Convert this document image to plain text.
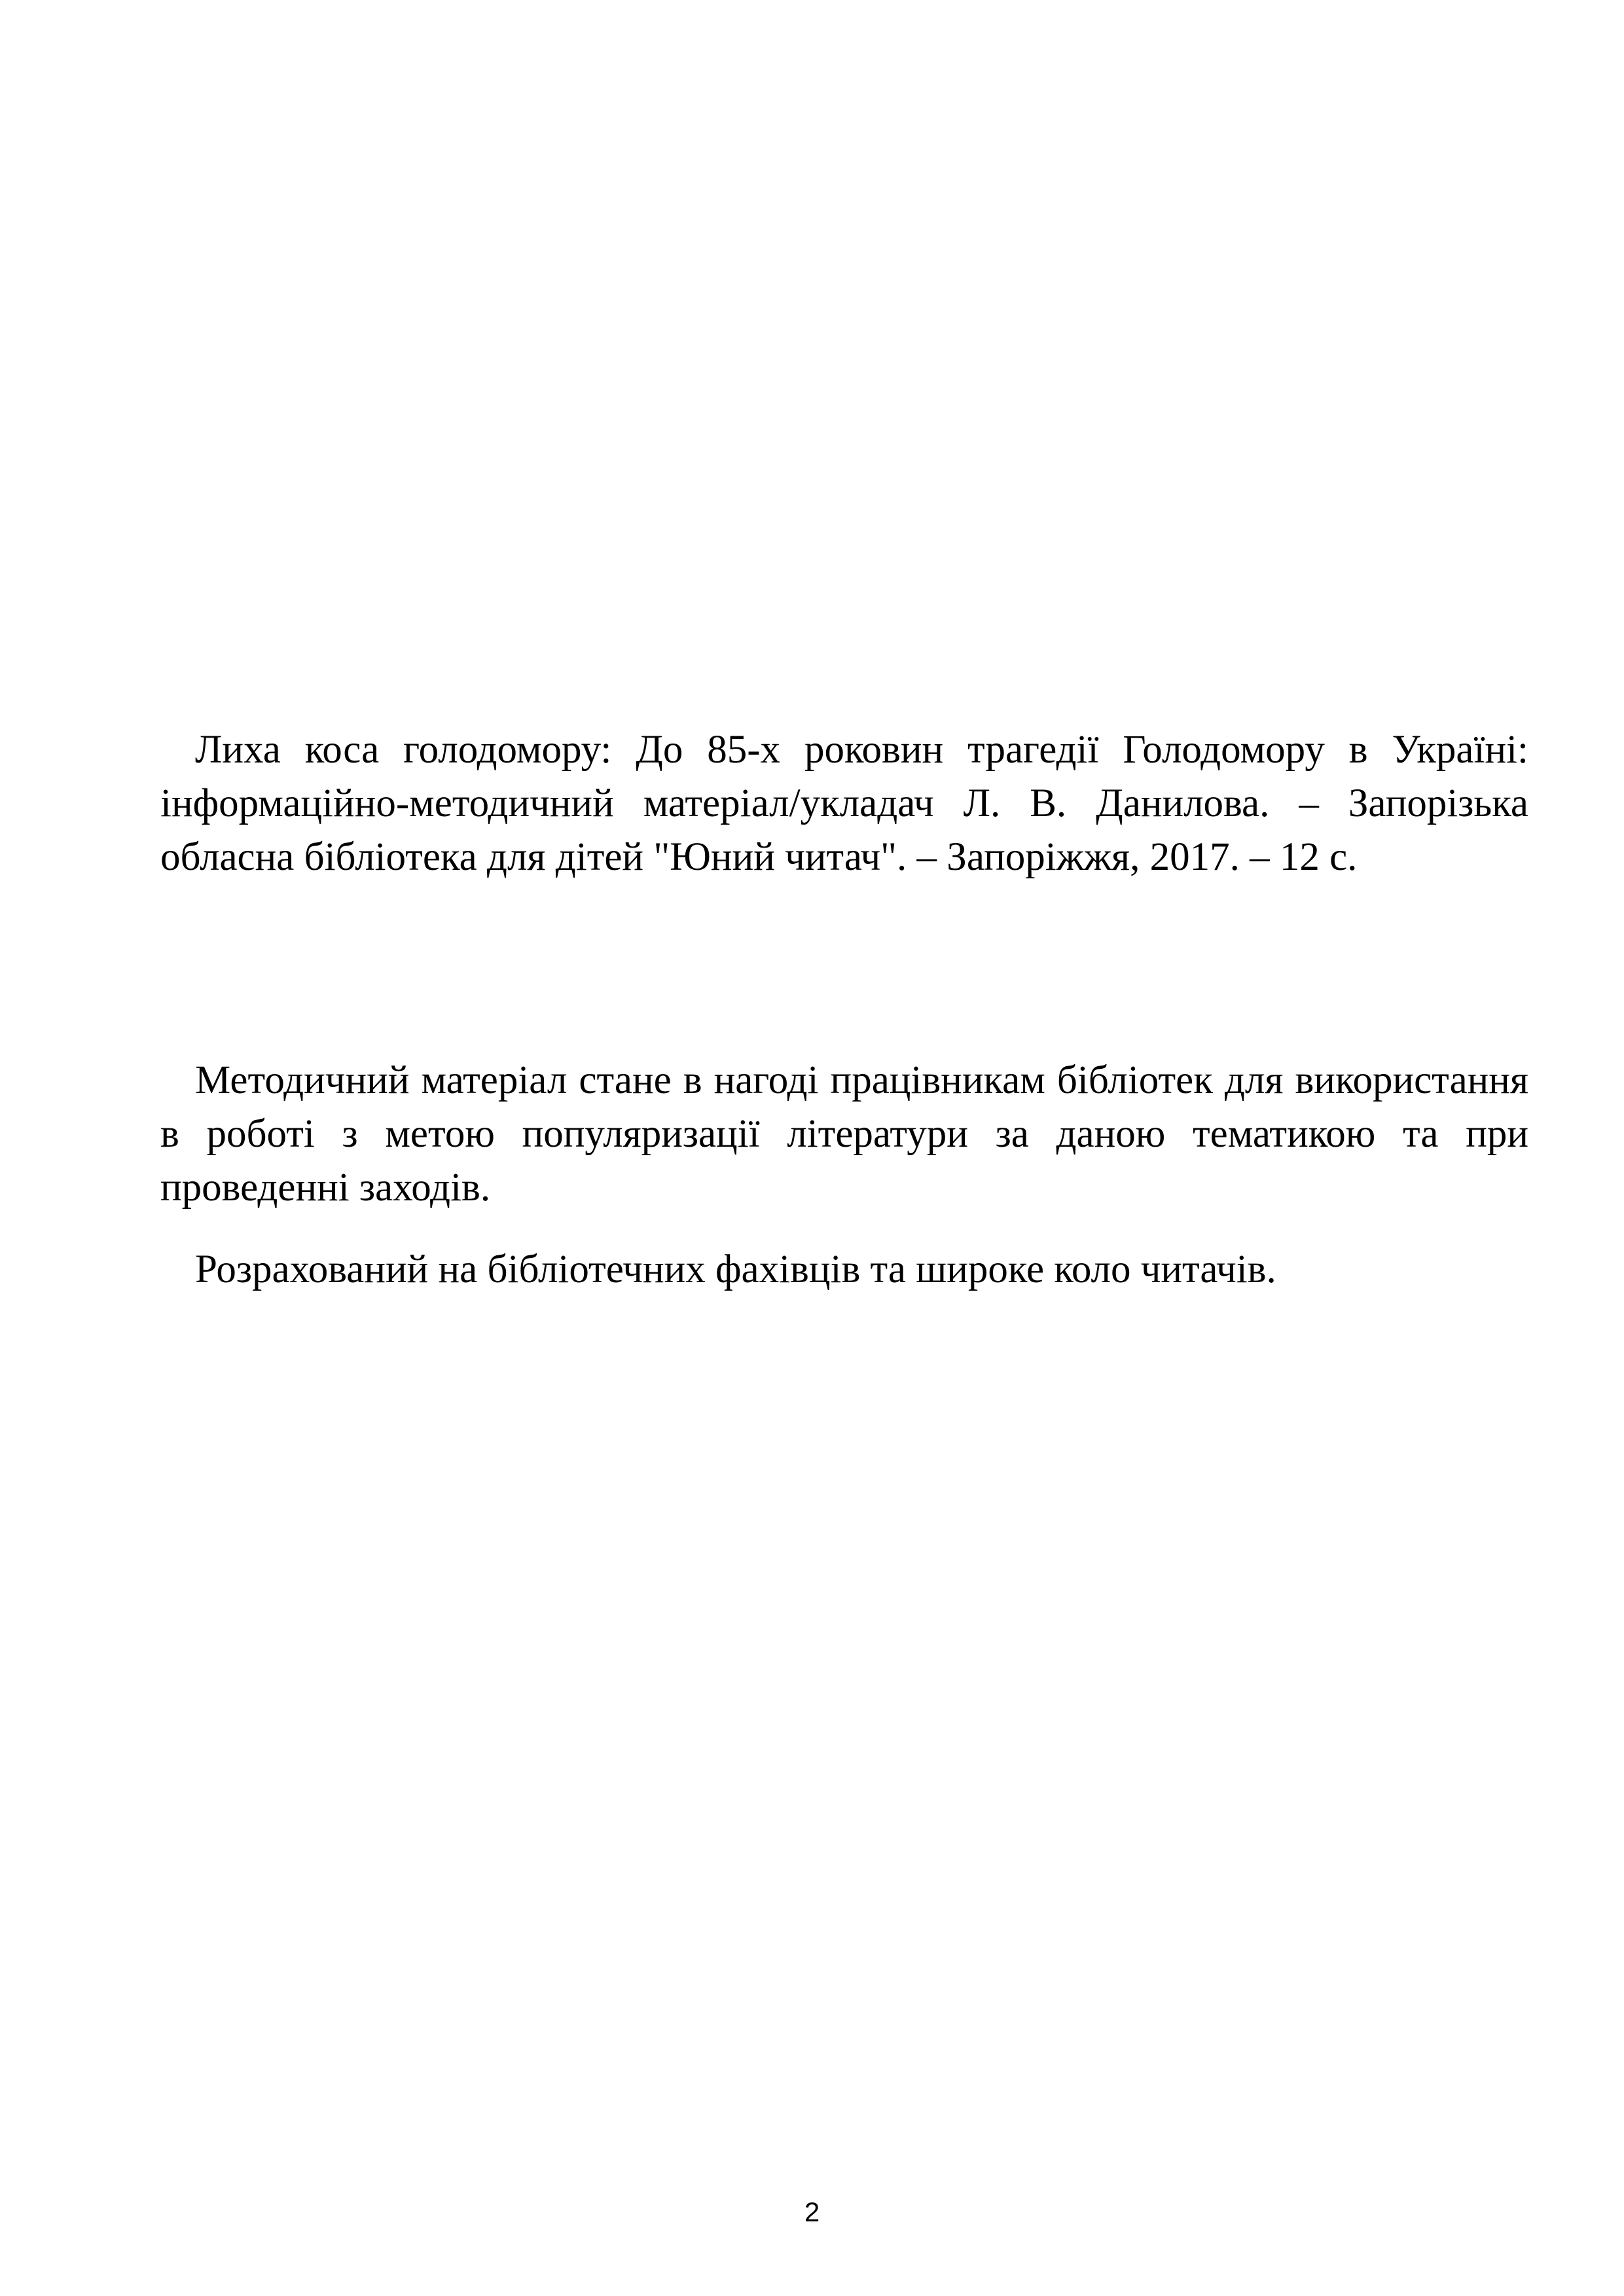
Лиха коса голодомору: До 85-х роковин трагедії Голодомору в Україні: інформаційно-методичний матеріал/укладач Л. В. Данилова. – Запорізька обласна бібліотека для дітей "Юний читач". – Запоріжжя, 2017. – 12 с.

Методичний матеріал стане в нагоді працівникам бібліотек для використання в роботі з метою популяризації літератури за даною тематикою та при проведенні заходів.

Розрахований на бібліотечних фахівців та широке коло читачів.

2
